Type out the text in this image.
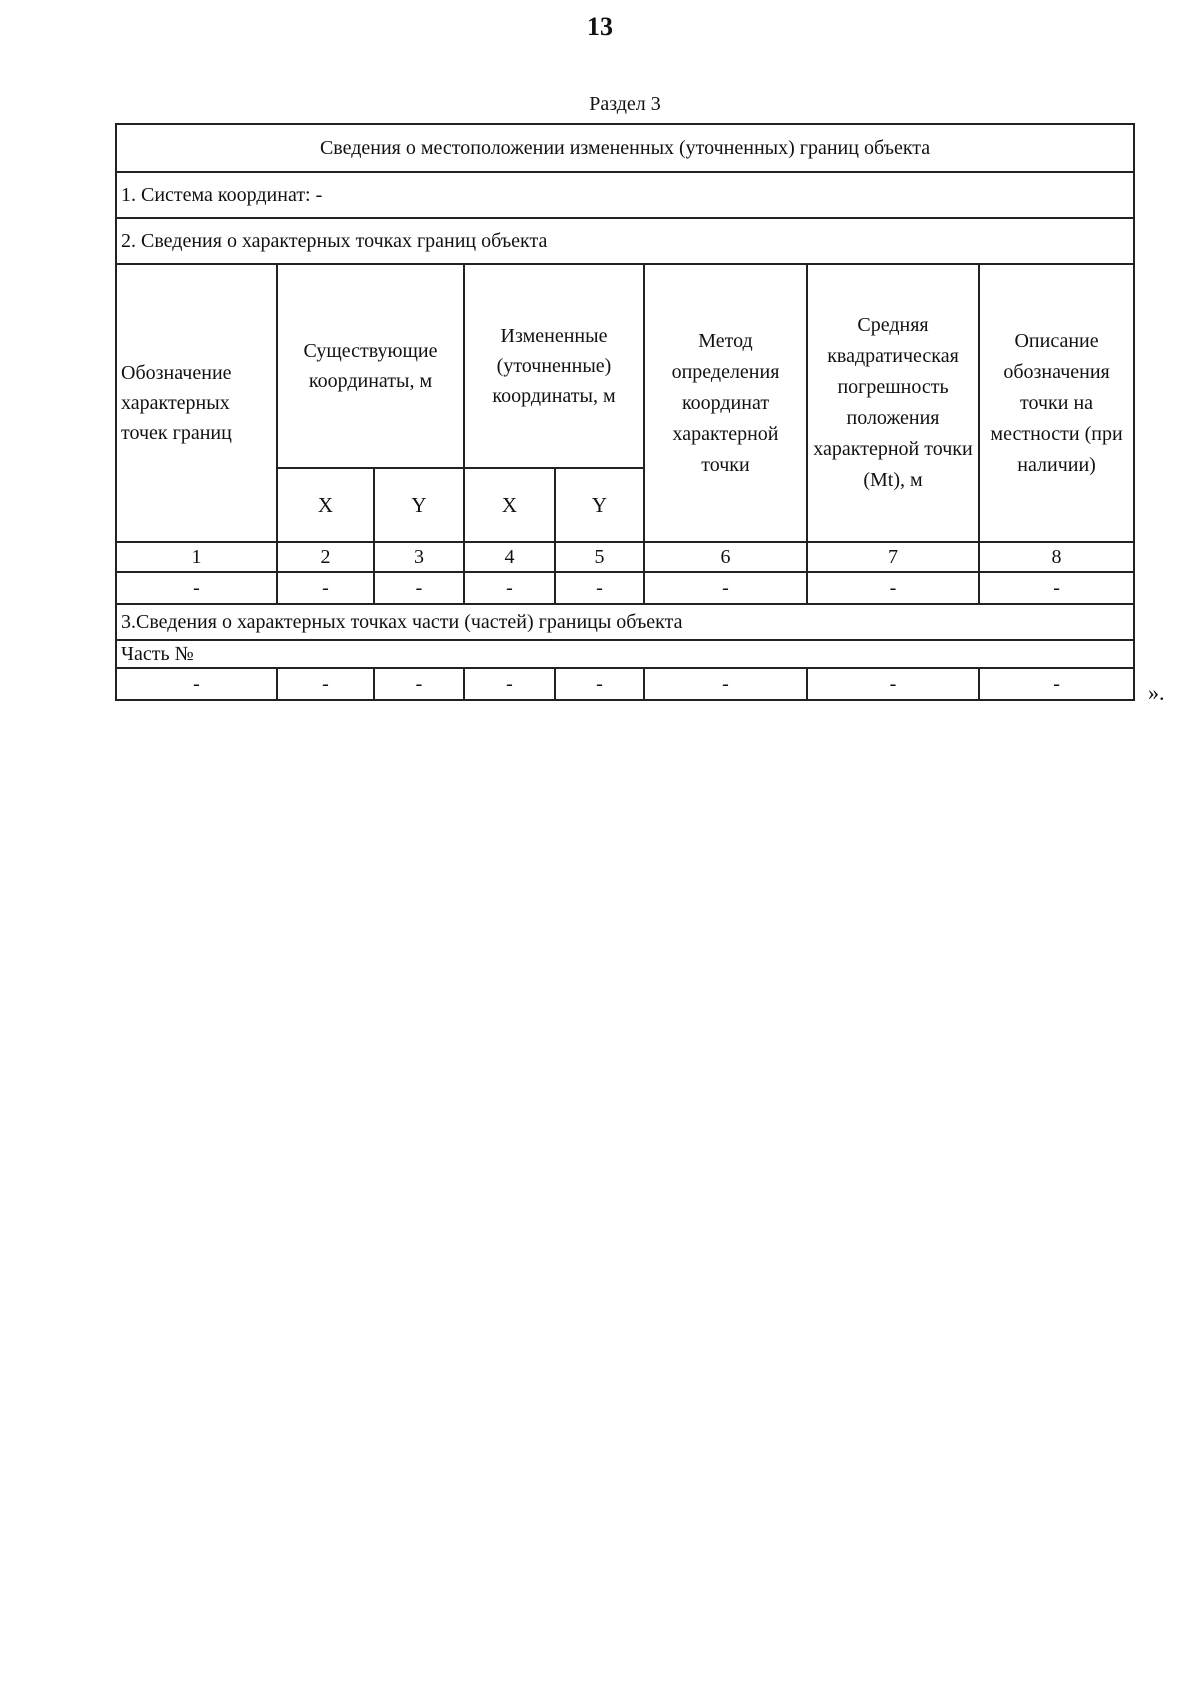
13
Раздел 3
Сведения о местоположении измененных (уточненных) границ объекта							
1. Система координат: -							
2. Сведения о характерных точках границ объекта							
Обозначение характерных точек границ	Существующие координаты, м		Измененные (уточненные) координаты, м		Метод определения координат характерной точки	Средняя квадратическая погрешность положения характерной точки (Mt), м	Описание обозначения точки на местности (при наличии)
	X	Y	X	Y			
1	2	3	4	5	6	7	8
-	-	-	-	-	-	-	-
3.Сведения о характерных точках части (частей) границы объекта							
Часть №							
-	-	-	-	-	-	-	-	».
